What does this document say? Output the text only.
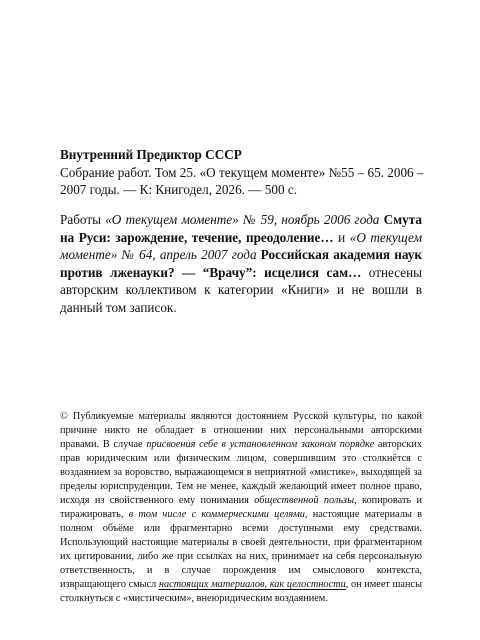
Внутренний Предиктор СССР
Собрание работ. Том 25. «О текущем моменте» №55 – 65. 2006 –
2007 годы. — К: Книгодел, 2026. — 500 с.
Работы «О текущем моменте» № 59, ноябрь 2006 года Смута на Руси: зарождение, течение, преодоление… и «О текущем моменте» № 64, апрель 2007 года Российская академия наук против лженауки? — “Врачу”: исцелися сам… отнесены авторским коллективом к категории «Книги» и не вошли в данный том записок.

© Публикуемые материалы являются достоянием Русской культуры, по какой причине никто не обладает в отношении них персональными авторскими правами. В случае присвоения себе в установленном законом порядке авторских прав юридическим или физическим лицом, совершившим это столкнётся с воздаянием за воровство, выражающемся в неприятной «мистике», выходящей за пределы юриспруденции. Тем не менее, каждый желающий имеет полное право, исходя из свойственного ему понимания общественной пользы, копировать и тиражировать, в том числе с коммерческими целями, настоящие материалы в полном объёме или фрагментарно всеми доступными ему средствами. Использующий настоящие материалы в своей деятельности, при фрагментарном их цитировании, либо же при ссылках на них, принимает на себя персональную ответственность, и в случае порождения им смыслового контекста, извращающего смысл настоящих материалов, как целостности, он имеет шансы столкнуться с «мистическим», внеюридическим воздаянием.
